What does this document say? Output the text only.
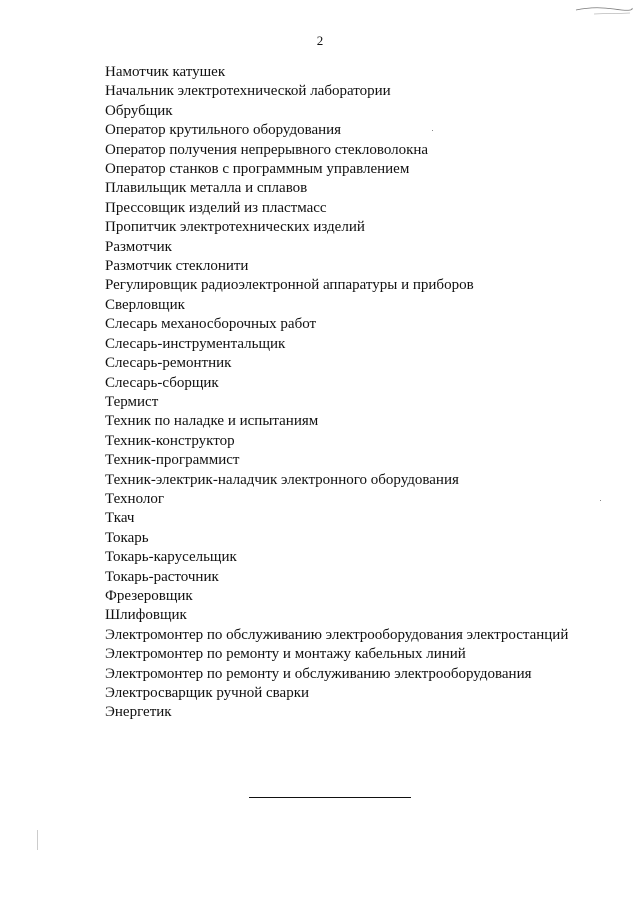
2
Намотчик катушек
Начальник электротехнической лаборатории
Обрубщик
Оператор крутильного оборудования
Оператор получения непрерывного стекловолокна
Оператор станков с программным управлением
Плавильщик металла и сплавов
Прессовщик изделий из пластмасс
Пропитчик электротехнических изделий
Размотчик
Размотчик стеклонити
Регулировщик радиоэлектронной аппаратуры и приборов
Сверловщик
Слесарь механосборочных работ
Слесарь-инструментальщик
Слесарь-ремонтник
Слесарь-сборщик
Термист
Техник по наладке и испытаниям
Техник-конструктор
Техник-программист
Техник-электрик-наладчик электронного оборудования
Технолог
Ткач
Токарь
Токарь-карусельщик
Токарь-расточник
Фрезеровщик
Шлифовщик
Электромонтер по обслуживанию электрооборудования электростанций
Электромонтер по ремонту и монтажу кабельных линий
Электромонтер по ремонту и обслуживанию электрооборудования
Электросварщик ручной сварки
Энергетик
